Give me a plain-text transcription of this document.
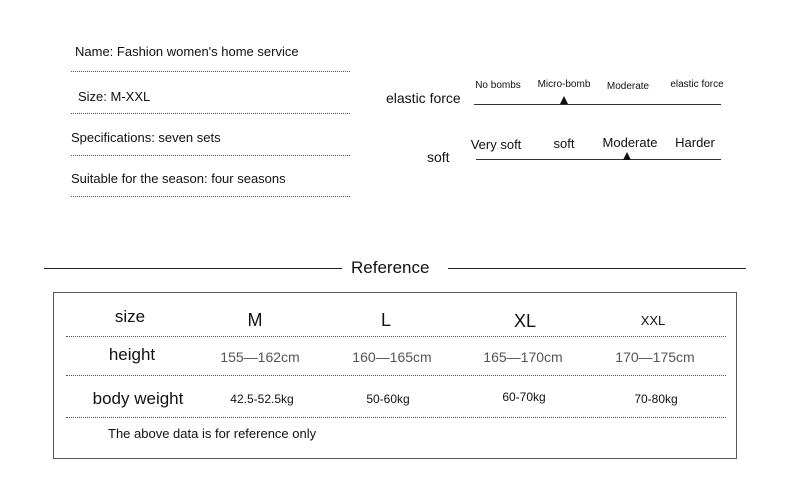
Name: Fashion women's home service
Size: M-XXL
Specifications: seven sets
Suitable for the season: four seasons
elastic force
No bombs Micro-bomb Moderate elastic force
soft
Very soft soft Moderate Harder
Reference
size	M	L	XL	XXL
height	155—162cm	160—165cm	165—170cm	170—175cm
body weight	42.5-52.5kg	50-60kg	60-70kg	70-80kg
The above data is for reference only
